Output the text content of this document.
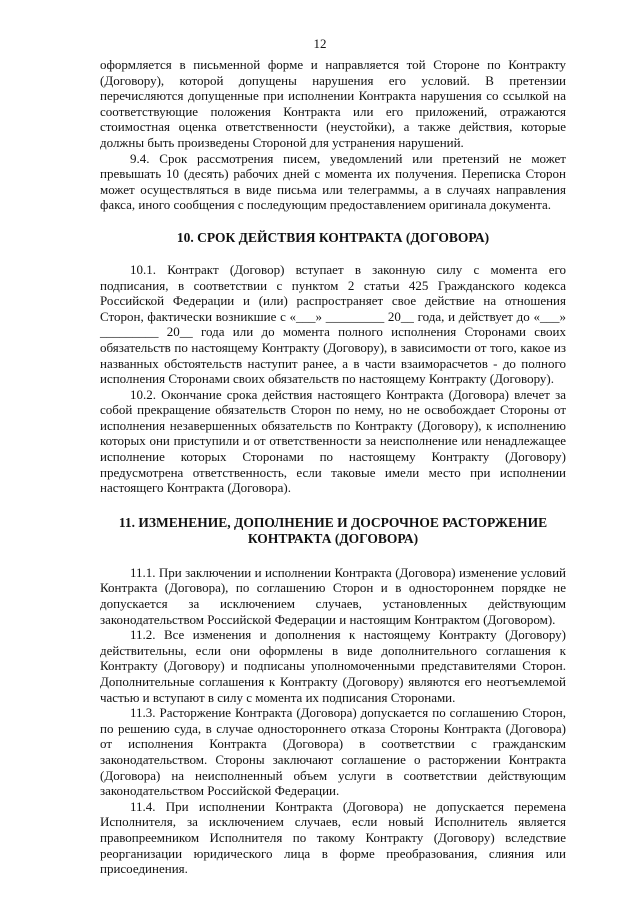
12

оформляется в письменной форме и направляется той Стороне по Контракту (Договору), которой допущены нарушения его условий. В претензии перечисляются допущенные при исполнении Контракта нарушения со ссылкой на соответствующие положения Контракта или его приложений, отражаются стоимостная оценка ответственности (неустойки), а также действия, которые должны быть произведены Стороной для устранения нарушений.

9.4. Срок рассмотрения писем, уведомлений или претензий не может превышать 10 (десять) рабочих дней с момента их получения. Переписка Сторон может осуществляться в виде письма или телеграммы, а в случаях направления факса, иного сообщения с последующим предоставлением оригинала документа.

10. СРОК ДЕЙСТВИЯ КОНТРАКТА (ДОГОВОРА)

10.1. Контракт (Договор) вступает в законную силу с момента его подписания, в соответствии с пунктом 2 статьи 425 Гражданского кодекса Российской Федерации и (или) распространяет свое действие на отношения Сторон, фактически возникшие с «___» _________ 20__ года, и действует до «___» _________ 20__ года или до момента полного исполнения Сторонами своих обязательств по настоящему Контракту (Договору), в зависимости от того, какое из названных обстоятельств наступит ранее, а в части взаиморасчетов - до полного исполнения Сторонами своих обязательств по настоящему Контракту (Договору).

10.2. Окончание срока действия настоящего Контракта (Договора) влечет за собой прекращение обязательств Сторон по нему, но не освобождает Стороны от исполнения незавершенных обязательств по Контракту (Договору), к исполнению которых они приступили и от ответственности за неисполнение или ненадлежащее исполнение которых Сторонами по настоящему Контракту (Договору) предусмотрена ответственность, если таковые имели место при исполнении настоящего Контракта (Договора).

11. ИЗМЕНЕНИЕ, ДОПОЛНЕНИЕ И ДОСРОЧНОЕ РАСТОРЖЕНИЕ

КОНТРАКТА (ДОГОВОРА)

11.1. При заключении и исполнении Контракта (Договора) изменение условий Контракта (Договора), по соглашению Сторон и в одностороннем порядке не допускается за исключением случаев, установленных действующим законодательством Российской Федерации и настоящим Контрактом (Договором).

11.2. Все изменения и дополнения к настоящему Контракту (Договору) действительны, если они оформлены в виде дополнительного соглашения к Контракту (Договору) и подписаны уполномоченными представителями Сторон. Дополнительные соглашения к Контракту (Договору) являются его неотъемлемой частью и вступают в силу с момента их подписания Сторонами.

11.3. Расторжение Контракта (Договора) допускается по соглашению Сторон, по решению суда, в случае одностороннего отказа Стороны Контракта (Договора) от исполнения Контракта (Договора) в соответствии с гражданским законодательством. Стороны заключают соглашение о расторжении Контракта (Договора) на неисполненный объем услуги в соответствии действующим законодательством Российской Федерации.

11.4. При исполнении Контракта (Договора) не допускается перемена Исполнителя, за исключением случаев, если новый Исполнитель является правопреемником Исполнителя по такому Контракту (Договору) вследствие реорганизации юридического лица в форме преобразования, слияния или присоединения.
